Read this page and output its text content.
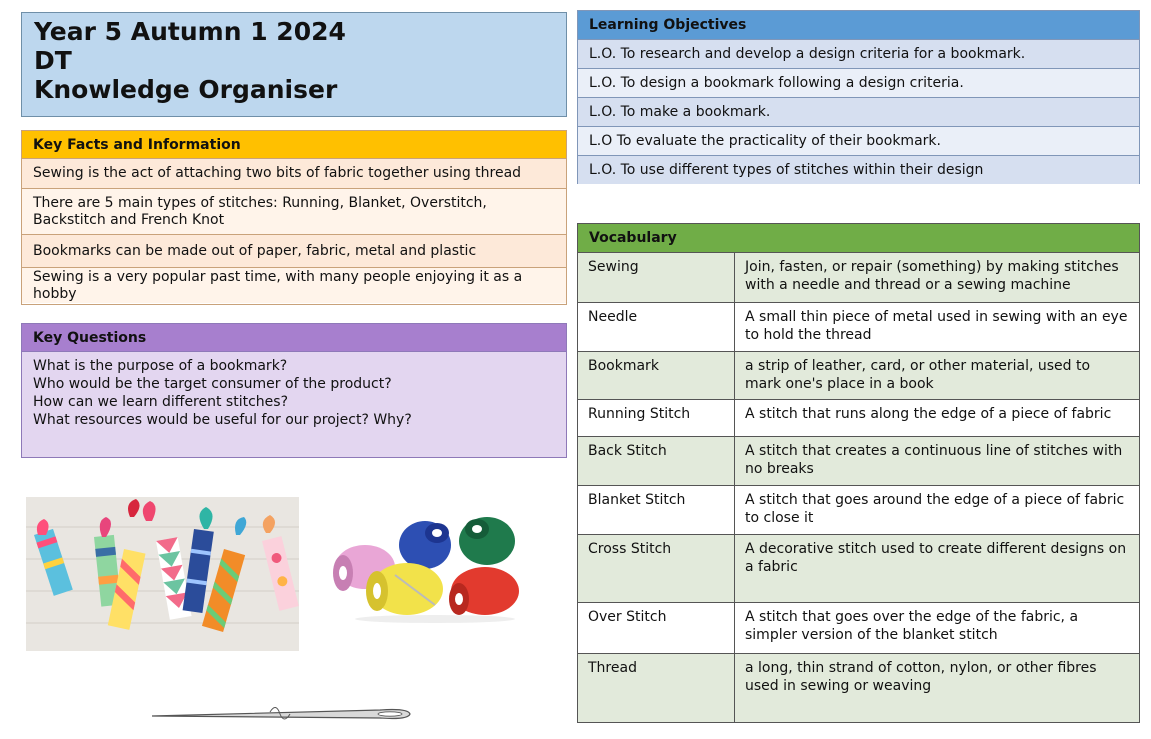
Year 5 Autumn 1 2024
DT
Knowledge Organiser
Key Facts and Information
Sewing is the act of attaching two bits of fabric together using thread
There are 5 main types of stitches: Running, Blanket, Overstitch, Backstitch and French Knot
Bookmarks can be made out of paper, fabric, metal and plastic
Sewing is a very popular past time, with many people enjoying it as a hobby
Key Questions
What is the purpose of a bookmark?
Who would be the target consumer of the product?
How can we learn different stitches?
What resources would be useful for our project? Why?
Learning Objectives
L.O. To research and develop a design criteria for a bookmark.
L.O. To design a bookmark following a design criteria.
L.O. To make a bookmark.
L.O To evaluate the practicality of their bookmark.
L.O. To use different types of stitches within their design
Vocabulary
Sewing	Join, fasten, or repair (something) by making stitches with a needle and thread or a sewing machine
Needle	A small thin piece of metal used in sewing with an eye to hold the thread
Bookmark	a strip of leather, card, or other material, used to mark one's place in a book
Running Stitch	A stitch that runs along the edge of a piece of fabric
Back Stitch	A stitch that creates a continuous line of stitches with no breaks
Blanket Stitch	A stitch that goes around the edge of a piece of fabric to close it
Cross Stitch	A decorative stitch used to create different designs on a fabric
Over Stitch	A stitch that goes over the edge of the fabric, a simpler version of the blanket stitch
Thread	a long, thin strand of cotton, nylon, or other fibres used in sewing or weaving
